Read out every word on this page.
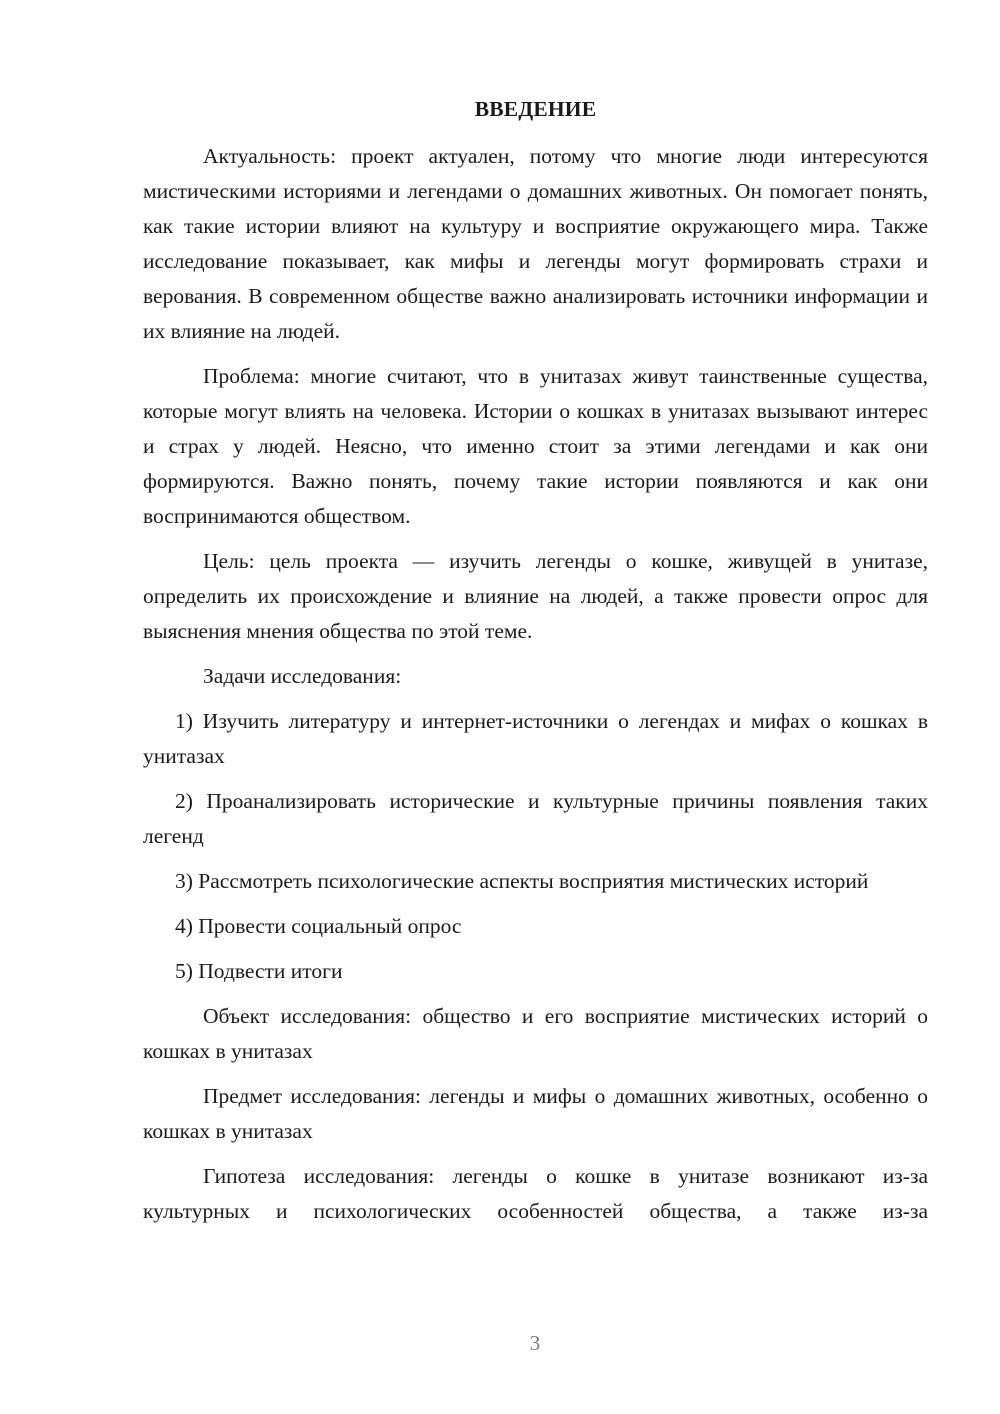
ВВЕДЕНИЕ

Актуальность: проект актуален, потому что многие люди интересуются мистическими историями и легендами о домашних животных. Он помогает понять, как такие истории влияют на культуру и восприятие окружающего мира. Также исследование показывает, как мифы и легенды могут формировать страхи и верования. В современном обществе важно анализировать источники информации и их влияние на людей.

Проблема: многие считают, что в унитазах живут таинственные существа, которые могут влиять на человека. Истории о кошках в унитазах вызывают интерес и страх у людей. Неясно, что именно стоит за этими легендами и как они формируются. Важно понять, почему такие истории появляются и как они воспринимаются обществом.

Цель: цель проекта — изучить легенды о кошке, живущей в унитазе, определить их происхождение и влияние на людей, а также провести опрос для выяснения мнения общества по этой теме.

Задачи исследования:

1) Изучить литературу и интернет-источники о легендах и мифах о кошках в унитазах

2) Проанализировать исторические и культурные причины появления таких легенд

3) Рассмотреть психологические аспекты восприятия мистических историй

4) Провести социальный опрос

5) Подвести итоги

Объект исследования: общество и его восприятие мистических историй о кошках в унитазах

Предмет исследования: легенды и мифы о домашних животных, особенно о кошках в унитазах

Гипотеза исследования: легенды о кошке в унитазе возникают из-за культурных и психологических особенностей общества, а также из-за

3
